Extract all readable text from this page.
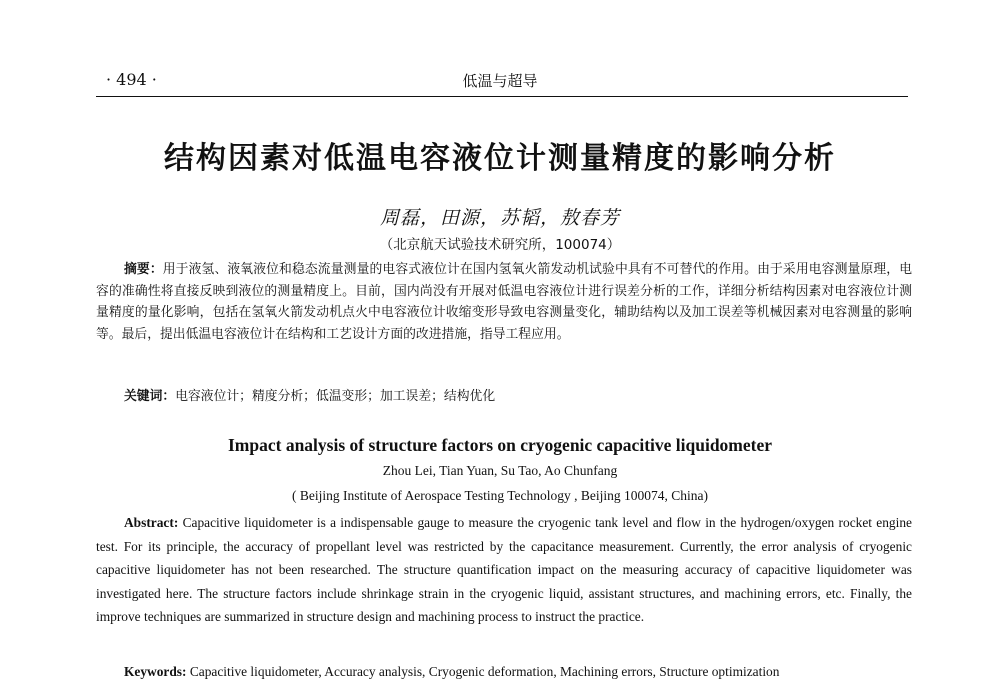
· 494 ·	低温与超导
结构因素对低温电容液位计测量精度的影响分析
周磊，田源，苏韬，敖春芳
（北京航天试验技术研究所，100074）
摘要：用于液氢、液氧液位和稳态流量测量的电容式液位计在国内氢氧火箭发动机试验中具有不可替代的作用。由于采用电容测量原理，电容的准确性将直接反映到液位的测量精度上。目前，国内尚没有开展对低温电容液位计进行误差分析的工作，详细分析结构因素对电容液位计测量精度的量化影响，包括在氢氧火箭发动机点火中电容液位计收缩变形导致电容测量变化，辅助结构以及加工误差等机械因素对电容测量的影响等。最后，提出低温电容液位计在结构和工艺设计方面的改进措施，指导工程应用。
关键词：电容液位计；精度分析；低温变形；加工误差；结构优化
Impact analysis of structure factors on cryogenic capacitive liquidometer
Zhou Lei, Tian Yuan, Su Tao, Ao Chunfang
( Beijing Institute of Aerospace Testing Technology , Beijing 100074, China)
Abstract: Capacitive liquidometer is a indispensable gauge to measure the cryogenic tank level and flow in the hydrogen/oxygen rocket engine test. For its principle, the accuracy of propellant level was restricted by the capacitance measurement. Currently, the error analysis of cryogenic capacitive liquidometer has not been researched. The structure quantification impact on the measuring accuracy of capacitive liquidometer was investigated here. The structure factors include shrinkage strain in the cryogenic liquid, assistant structures, and machining errors, etc. Finally, the improve techniques are summarized in structure design and machining process to instruct the practice.
Keywords: Capacitive liquidometer, Accuracy analysis, Cryogenic deformation, Machining errors, Structure optimization
